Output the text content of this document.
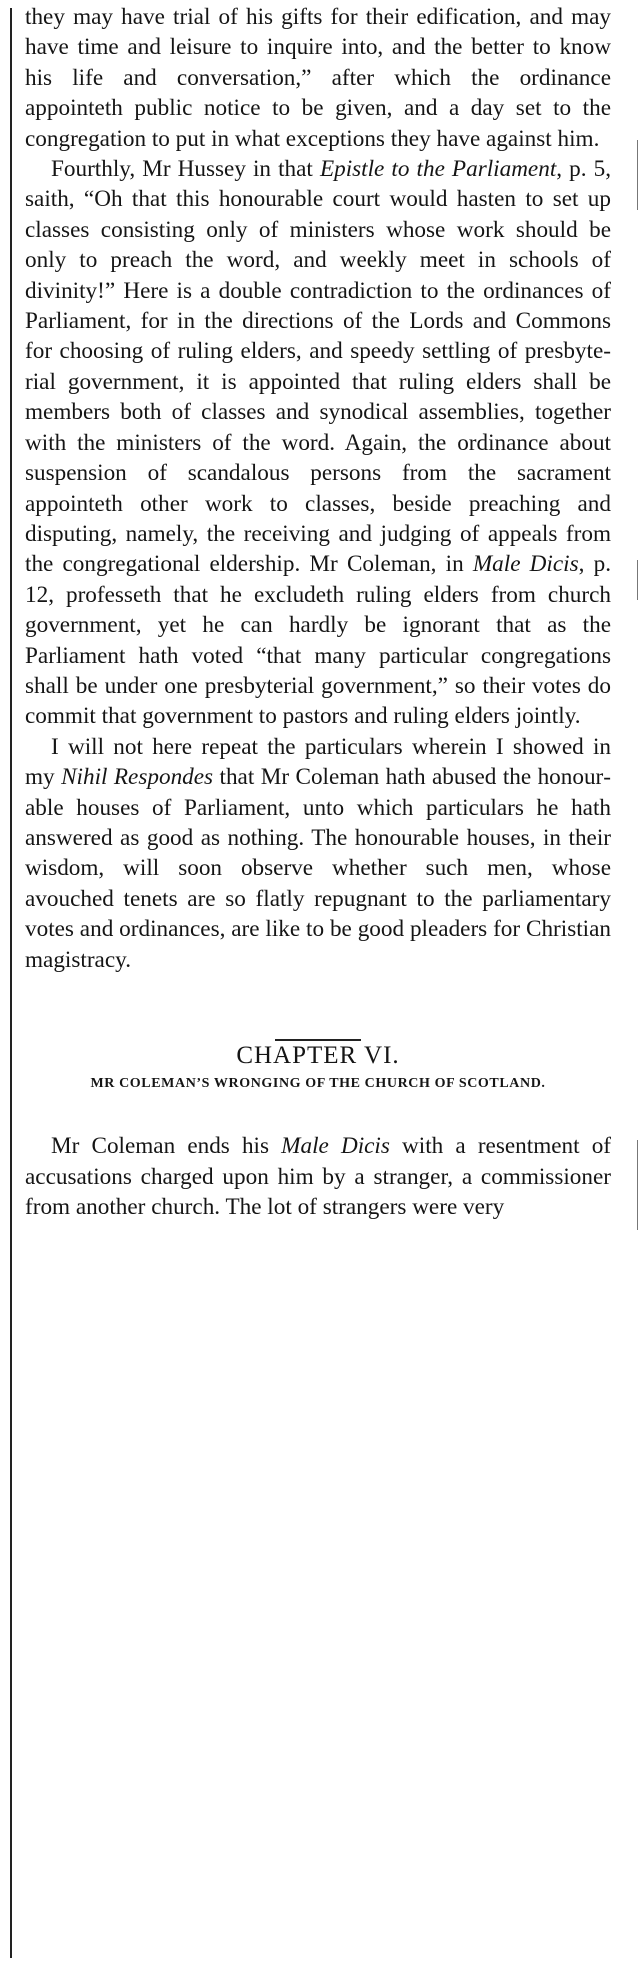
they may have trial of his gifts for their edification, and may have time and leisure to inquire into, and the better to know his life and conversation,” after which the ordinance appointeth public notice to be given, and a day set to the congregation to put in what exceptions they have against him.

Fourthly, Mr Hussey in that Epistle to the Parliament, p. 5, saith, “Oh that this honourable court would hasten to set up classes consisting only of ministers whose work should be only to preach the word, and weekly meet in schools of divinity!” Here is a double contradiction to the ordinances of Parliament, for in the directions of the Lords and Commons for choosing of ruling elders, and speedy settling of presbyterial government, it is appointed that ruling elders shall be members both of classes and synodical assemblies, together with the ministers of the word. Again, the ordinance about suspension of scandalous persons from the sacrament appointeth other work to classes, beside preaching and disputing, namely, the receiving and judging of appeals from the congregational eldership. Mr Coleman, in Male Dicis, p. 12, professeth that he excludeth ruling elders from church government, yet he can hardly be ignorant that as the Parliament hath voted “that many particular congregations shall be under one presbyterial government,” so their votes do commit that government to pastors and ruling elders jointly.

I will not here repeat the particulars wherein I showed in my Nihil Respondes that Mr Coleman hath abused the honourable houses of Parliament, unto which particulars he hath answered as good as nothing. The honourable houses, in their wisdom, will soon observe whether such men, whose avouched tenets are so flatly repugnant to the parliamentary votes and ordinances, are like to be good pleaders for Christian magistracy.

CHAPTER VI.

MR COLEMAN’S WRONGING OF THE CHURCH OF SCOTLAND.

Mr Coleman ends his Male Dicis with a resentment of accusations charged upon him by a stranger, a commissioner from another church. The lot of strangers were very
